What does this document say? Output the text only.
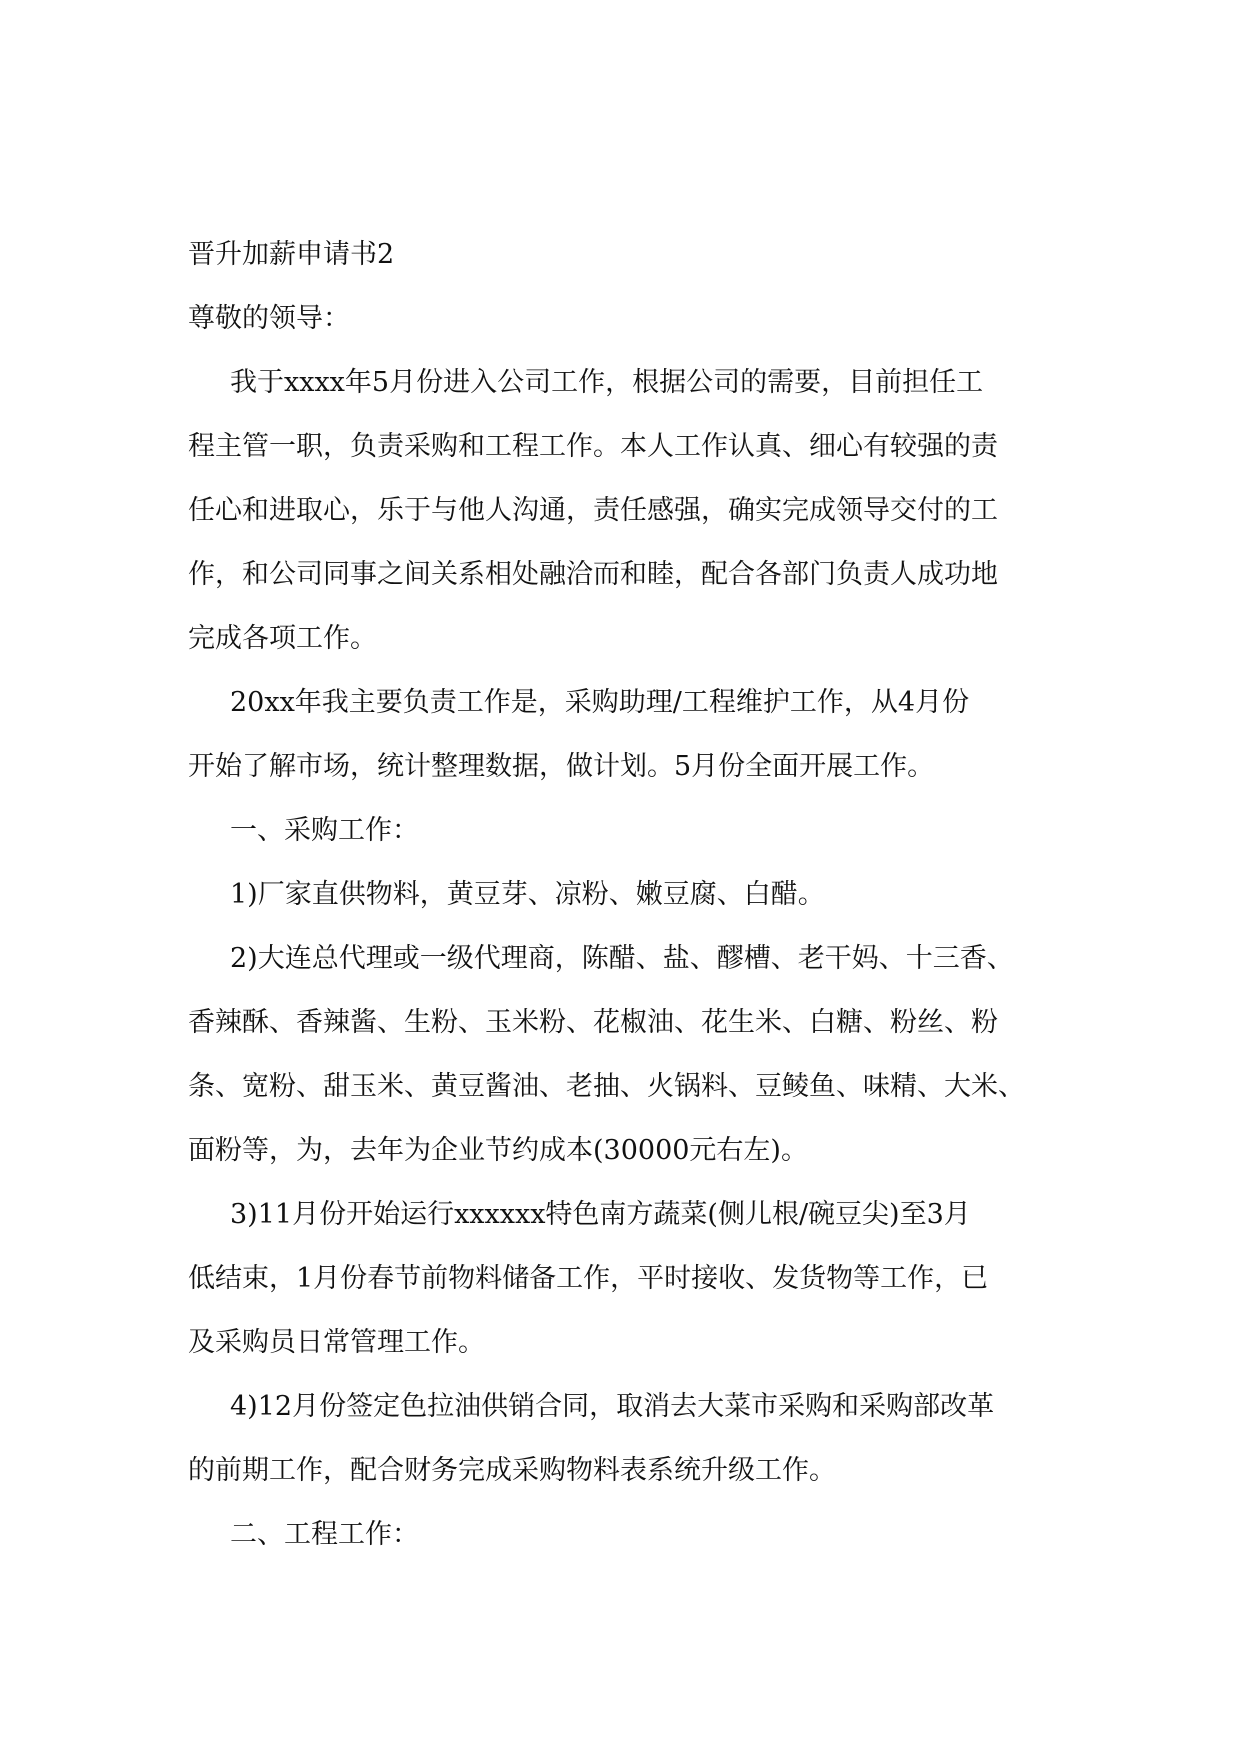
晋升加薪申请书2

尊敬的领导：

我于xxxx年5月份进入公司工作，根据公司的需要，目前担任工

程主管一职，负责采购和工程工作。本人工作认真、细心有较强的责

任心和进取心，乐于与他人沟通，责任感强，确实完成领导交付的工

作，和公司同事之间关系相处融洽而和睦，配合各部门负责人成功地

完成各项工作。

20xx年我主要负责工作是，采购助理/工程维护工作，从4月份

开始了解市场，统计整理数据，做计划。5月份全面开展工作。

一、采购工作：

1)厂家直供物料，黄豆芽、凉粉、嫩豆腐、白醋。

2)大连总代理或一级代理商，陈醋、盐、醪槽、老干妈、十三香、

香辣酥、香辣酱、生粉、玉米粉、花椒油、花生米、白糖、粉丝、粉

条、宽粉、甜玉米、黄豆酱油、老抽、火锅料、豆鲮鱼、味精、大米、

面粉等，为，去年为企业节约成本(30000元右左)。

3)11月份开始运行xxxxxx特色南方蔬菜(侧儿根/碗豆尖)至3月

低结束，1月份春节前物料储备工作，平时接收、发货物等工作，已

及采购员日常管理工作。

4)12月份签定色拉油供销合同，取消去大菜市采购和采购部改革

的前期工作，配合财务完成采购物料表系统升级工作。

二、工程工作：
